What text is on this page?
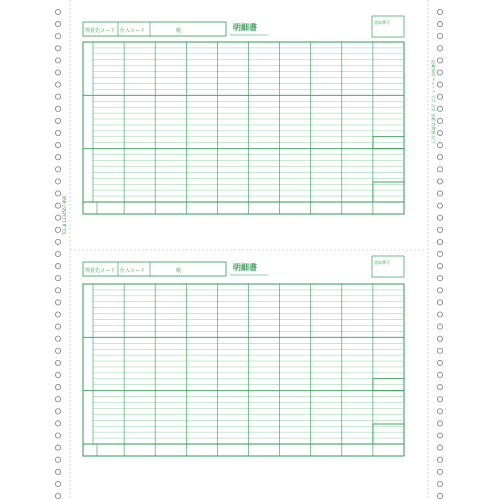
TCL-B 1234567-890
記載事項 チェック 小計 合計 金額 消費税 区分
得意先コード 仕入コード	殿	明細書
登録番号
得意先コード 仕入コード	殿	明細書
登録番号
